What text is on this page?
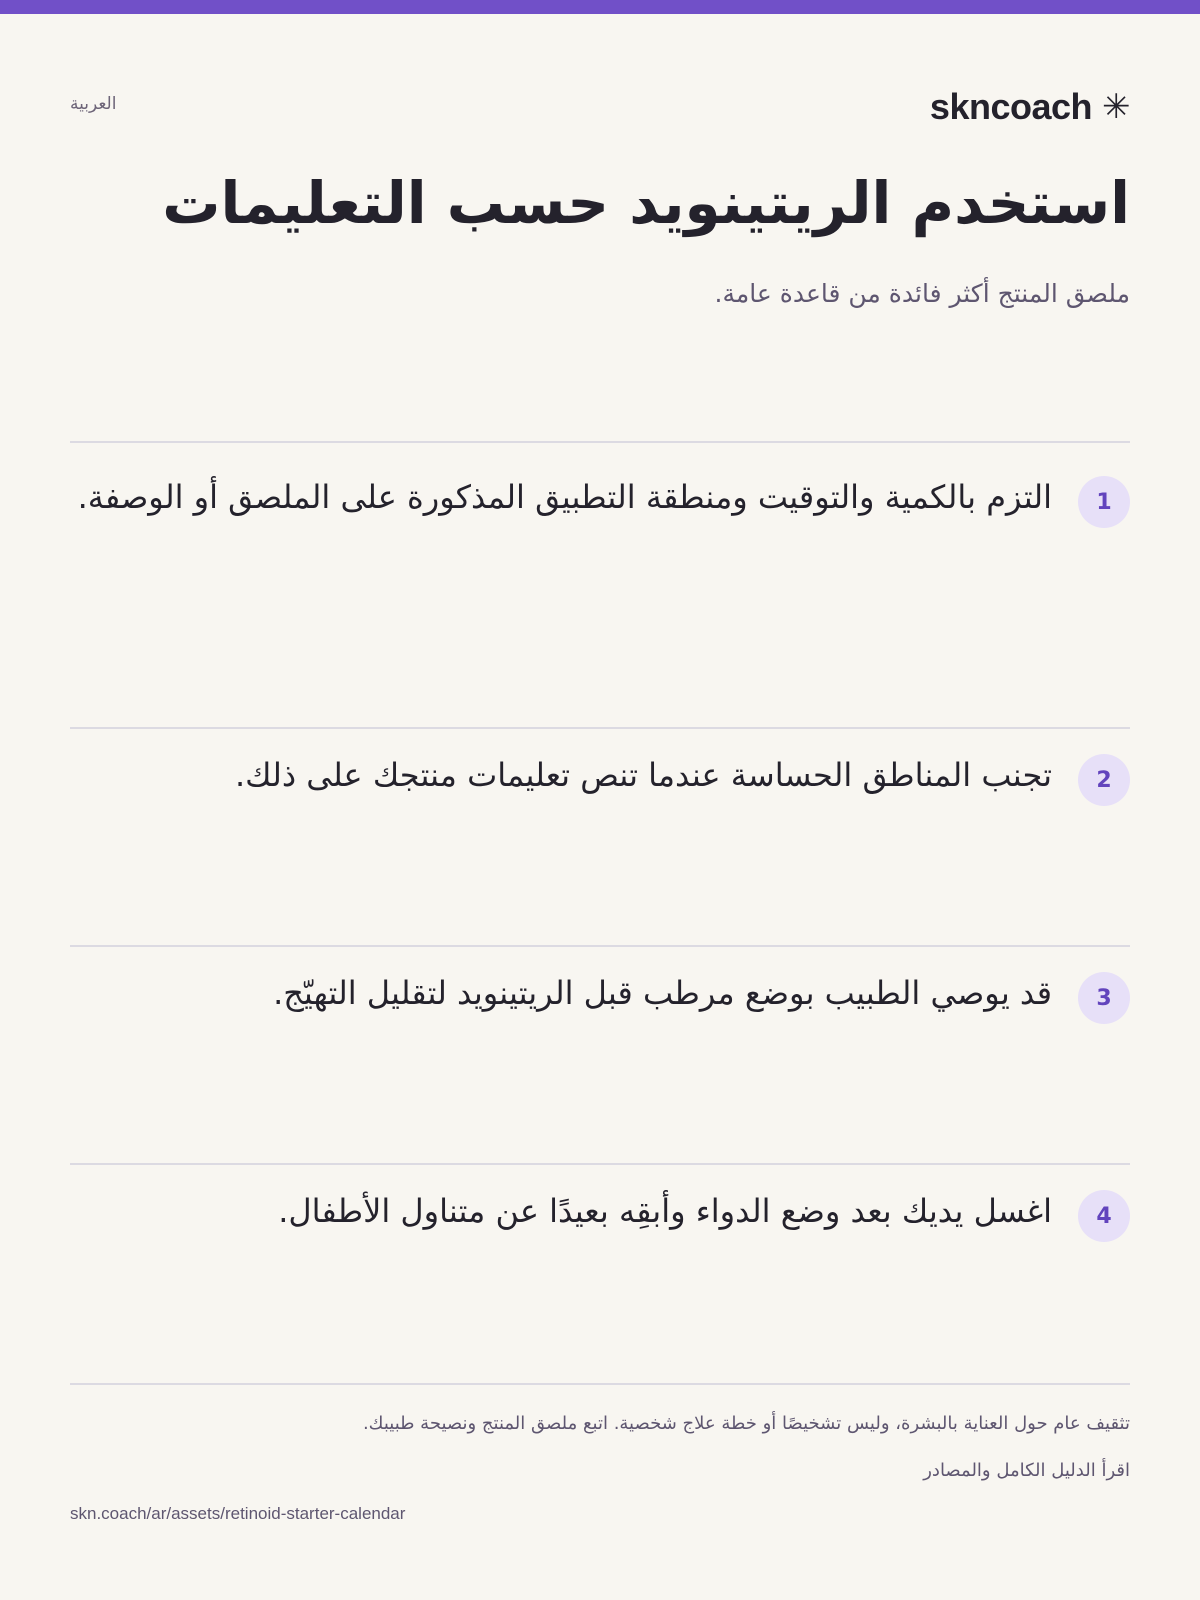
skncoach ✳
العربية
استخدم الريتينويد حسب التعليمات

ملصق المنتج أكثر فائدة من قاعدة عامة.

1
التزم بالكمية والتوقيت ومنطقة التطبيق المذكورة على الملصق أو الوصفة.
2
تجنب المناطق الحساسة عندما تنص تعليمات منتجك على ذلك.
3
قد يوصي الطبيب بوضع مرطب قبل الريتينويد لتقليل التهيّج.
4
اغسل يديك بعد وضع الدواء وأبقِه بعيدًا عن متناول الأطفال.

تثقيف عام حول العناية بالبشرة، وليس تشخيصًا أو خطة علاج شخصية. اتبع ملصق المنتج ونصيحة طبيبك.

اقرأ الدليل الكامل والمصادر
skn.coach/ar/assets/retinoid-starter-calendar
